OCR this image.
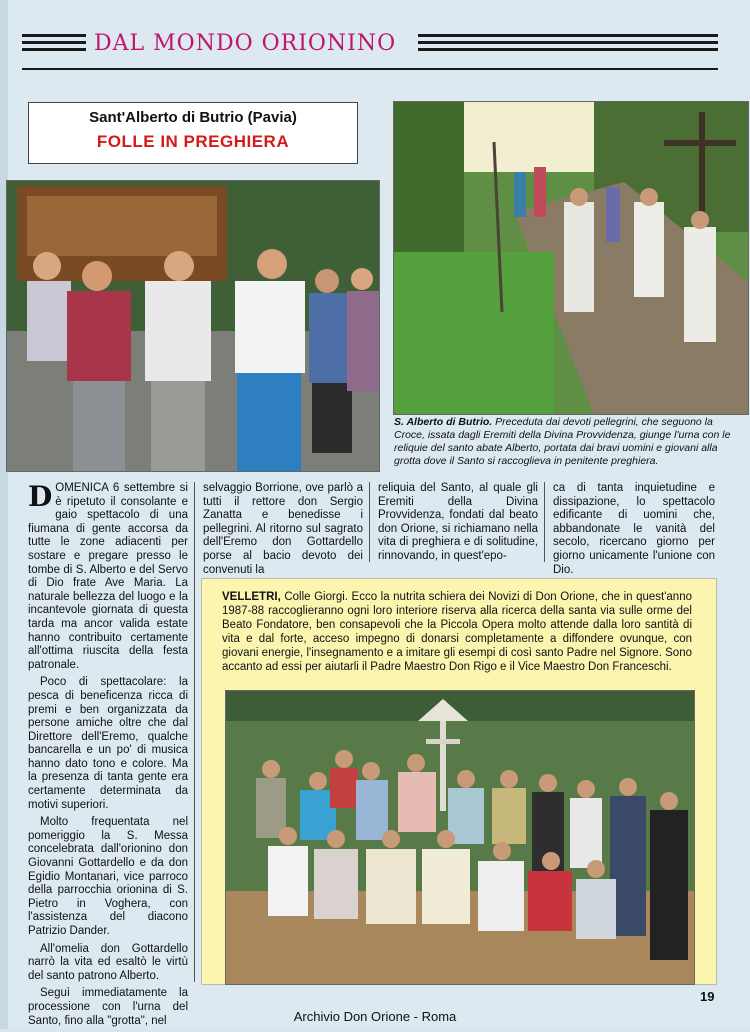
DAL MONDO ORIONINO
Sant'Alberto di Butrio (Pavia)
FOLLE IN PREGHIERA
S. Alberto di Butrio. Preceduta dai devoti pellegrini, che seguono la Croce, issata dagli Eremiti della Divina Provvidenza, giunge l'urna con le reliquie del santo abate Alberto, portata dai bravi uomini e giovani alla grotta dove il Santo si raccoglieva in penitente preghiera.

DOMENICA 6 settembre si è ripetuto il consolante e gaio spettacolo di una fiumana di gente accorsa da tutte le zone adiacenti per sostare e pregare presso le tombe di S. Alberto e del Servo di Dio frate Ave Maria. La naturale bellezza del luogo e la incantevole giornata di questa tarda ma ancor valida estate hanno contribuito certamente all'ottima riuscita della festa patronale.

Poco di spettacolare: la pesca di beneficenza ricca di premi e ben organizzata da persone amiche oltre che dal Direttore dell'Eremo, qualche bancarella e un po' di musica hanno dato tono e colore. Ma la presenza di tanta gente era certamente determinata da motivi superiori.

Molto frequentata nel pomeriggio la S. Messa concelebrata dall'orionino don Giovanni Gottardello e da don Egidio Montanari, vice parroco della parrocchia orionina di S. Pietro in Voghera, con l'assistenza del diacono Patrizio Dander.

All'omelia don Gottardello narrò la vita ed esaltò le virtù del santo patrono Alberto.

Seguì immediatamente la processione con l'urna del Santo, fino alla "grotta", nel

selvaggio Borrione, ove parlò a tutti il rettore don Sergio Zanatta e benedisse i pellegrini. Al ritorno sul sagrato dell'Eremo don Gottardello porse al bacio devoto dei convenuti la

reliquia del Santo, al quale gli Eremiti della Divina Provvidenza, fondati dal beato don Orione, si richiamano nella vita di preghiera e di solitudine, rinnovando, in quest'epo-

ca di tanta inquietudine e dissipazione, lo spettacolo edificante di uomini che, abbandonate le vanità del secolo, ricercano giorno per giorno unicamente l'unione con Dio.

VELLETRI, Colle Giorgi. Ecco la nutrita schiera dei Novizi di Don Orione, che in quest'anno 1987-88 raccoglieranno ogni loro interiore riserva alla ricerca della santa via sulle orme del Beato Fondatore, ben consapevoli che la Piccola Opera molto attende dalla loro santità di vita e dal forte, acceso impegno di donarsi completamente a diffondere ovunque, con giovani energie, l'insegnamento e a imitare gli esempi di così santo Padre nel Signore. Sono accanto ad essi per aiutarli il Padre Maestro Don Rigo e il Vice Maestro Don Franceschi.
19
Archivio Don Orione - Roma
